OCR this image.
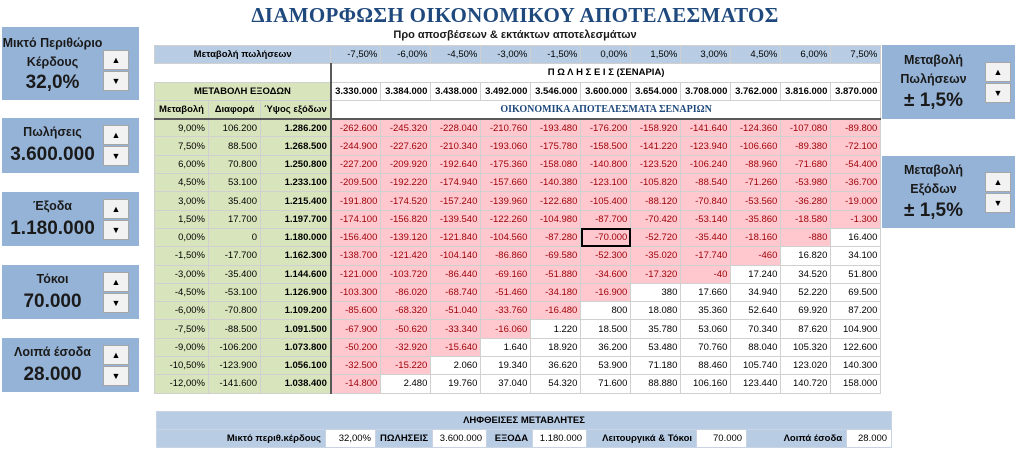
ΔΙΑΜΟΡΦΩΣΗ ΟΙΚΟΝΟΜΙΚΟΥ ΑΠΟΤΕΛΕΣΜΑΤΟΣ
Προ αποσβέσεων & εκτάκτων αποτελεσμάτων
Μικτό Περιθώριο
Κέρδους
32,0%
▲
▼
Πωλήσεις
3.600.000
▲
▼
Έξοδα
1.180.000
▲
▼
Τόκοι
70.000
▲
▼
Λοιπά έσοδα
28.000
▲
▼
Μεταβολή
Πωλήσεων
± 1,5%
▲
▼
Μεταβολή
Εξόδων
± 1,5%
▲
▼
Μεταβολή πωλήσεων			-7,50%	-6,00%	-4,50%	-3,00%	-1,50%	0,00%	1,50%	3,00%	4,50%	6,00%	7,50%
			Π Ω Λ Η Σ Ε Ι Σ (ΣΕΝΑΡΙΑ)										
ΜΕΤΑΒΟΛΗ ΕΞΟΔΩΝ			3.330.000	3.384.000	3.438.000	3.492.000	3.546.000	3.600.000	3.654.000	3.708.000	3.762.000	3.816.000	3.870.000
Μεταβολή	Διαφορά	Ύψος εξόδων	ΟΙΚΟΝΟΜΙΚΑ ΑΠΟΤΕΛΕΣΜΑΤΑ ΣΕΝΑΡΙΩΝ										
9,00%	106.200	1.286.200	-262.600	-245.320	-228.040	-210.760	-193.480	-176.200	-158.920	-141.640	-124.360	-107.080	-89.800
7,50%	88.500	1.268.500	-244.900	-227.620	-210.340	-193.060	-175.780	-158.500	-141.220	-123.940	-106.660	-89.380	-72.100
6,00%	70.800	1.250.800	-227.200	-209.920	-192.640	-175.360	-158.080	-140.800	-123.520	-106.240	-88.960	-71.680	-54.400
4,50%	53.100	1.233.100	-209.500	-192.220	-174.940	-157.660	-140.380	-123.100	-105.820	-88.540	-71.260	-53.980	-36.700
3,00%	35.400	1.215.400	-191.800	-174.520	-157.240	-139.960	-122.680	-105.400	-88.120	-70.840	-53.560	-36.280	-19.000
1,50%	17.700	1.197.700	-174.100	-156.820	-139.540	-122.260	-104.980	-87.700	-70.420	-53.140	-35.860	-18.580	-1.300
0,00%	0	1.180.000	-156.400	-139.120	-121.840	-104.560	-87.280	-70.000	-52.720	-35.440	-18.160	-880	16.400
-1,50%	-17.700	1.162.300	-138.700	-121.420	-104.140	-86.860	-69.580	-52.300	-35.020	-17.740	-460	16.820	34.100
-3,00%	-35.400	1.144.600	-121.000	-103.720	-86.440	-69.160	-51.880	-34.600	-17.320	-40	17.240	34.520	51.800
-4,50%	-53.100	1.126.900	-103.300	-86.020	-68.740	-51.460	-34.180	-16.900	380	17.660	34.940	52.220	69.500
-6,00%	-70.800	1.109.200	-85.600	-68.320	-51.040	-33.760	-16.480	800	18.080	35.360	52.640	69.920	87.200
-7,50%	-88.500	1.091.500	-67.900	-50.620	-33.340	-16.060	1.220	18.500	35.780	53.060	70.340	87.620	104.900
-9,00%	-106.200	1.073.800	-50.200	-32.920	-15.640	1.640	18.920	36.200	53.480	70.760	88.040	105.320	122.600
-10,50%	-123.900	1.056.100	-32.500	-15.220	2.060	19.340	36.620	53.900	71.180	88.460	105.740	123.020	140.300
-12,00%	-141.600	1.038.400	-14.800	2.480	19.760	37.040	54.320	71.600	88.880	106.160	123.440	140.720	158.000
ΛΗΦΘΕΙΣΕΣ ΜΕΤΑΒΛΗΤΕΣ
Μικτό περιθ.κέρδους	32,00%	ΠΩΛΗΣΕΙΣ	3.600.000	ΕΞΟΔΑ	1.180.000	Λειτουργικά & Τόκοι	70.000	Λοιπά έσοδα	28.000
